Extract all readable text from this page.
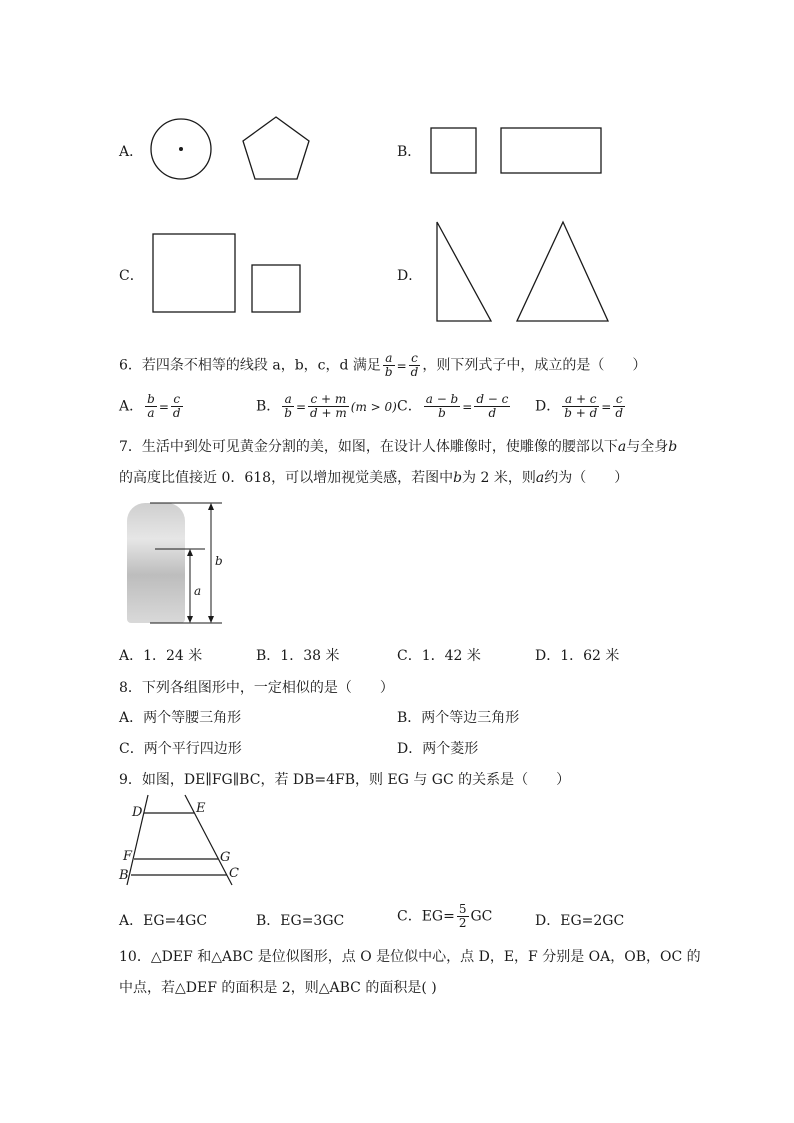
A．	B．
C．	D．
6．若四条不相等的线段 a，b，c，d 满足 $\frac{a}{b} = \frac{c}{d}$ ，则下列式子中，成立的是（　　）
A． $\frac{b}{a} = \frac{c}{d}$	B． $\frac{a}{b} = \frac{c + m}{d + m} (m > 0)$ C． $\frac{a - b}{b} = \frac{d - c}{d}$ D． $\frac{a + c}{b + d} = \frac{c}{d}$
7．生活中到处可见黄金分割的美，如图，在设计人体雕像时，使雕像的腰部以下a与全身b
的高度比值接近 0．618，可以增加视觉美感，若图中b为 2 米，则a约为（　　）
b
a
A．1．24 米	B．1．38 米	C．1．42 米	D．1．62 米
8．下列各组图形中，一定相似的是（　　）
A．两个等腰三角形	B．两个等边三角形
C．两个平行四边形	D．两个菱形
9．如图，DE∥FG∥BC，若 DB=4FB，则 EG 与 GC 的关系是（　　）
D	E
F	G
B	C
A．EG=4GC	B．EG=3GC	C．$EG= \frac{5}{2}$ GC	D．EG=2GC
10．△DEF 和△ABC 是位似图形，点 O 是位似中心，点 D，E，F 分别是 OA，OB，OC 的
中点，若△DEF 的面积是 2，则△ABC 的面积是( )
